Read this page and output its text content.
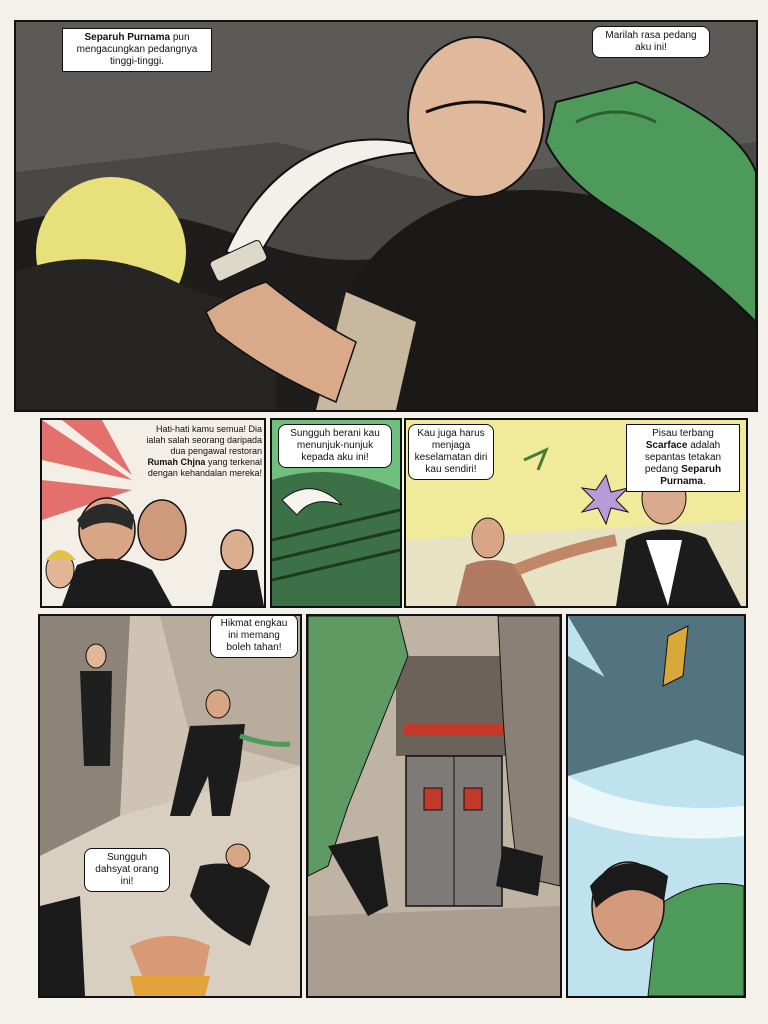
Separuh Purnama pun mengacungkan pedangnya tinggi-tinggi.
Marilah rasa pedang aku ini!
Hati-hati kamu semua! Dia ialah salah seorang daripada dua pengawal restoran Rumah Chjna yang terkenal dengan kehandalan mereka!
Sungguh berani kau menunjuk-nunjuk kepada aku ini!
Kau juga harus menjaga keselamatan diri kau sendiri!
Pisau terbang Scarface adalah sepantas tetakan pedang Separuh Purnama.
Hikmat engkau ini memang boleh tahan!
Sungguh dahsyat orang ini!
